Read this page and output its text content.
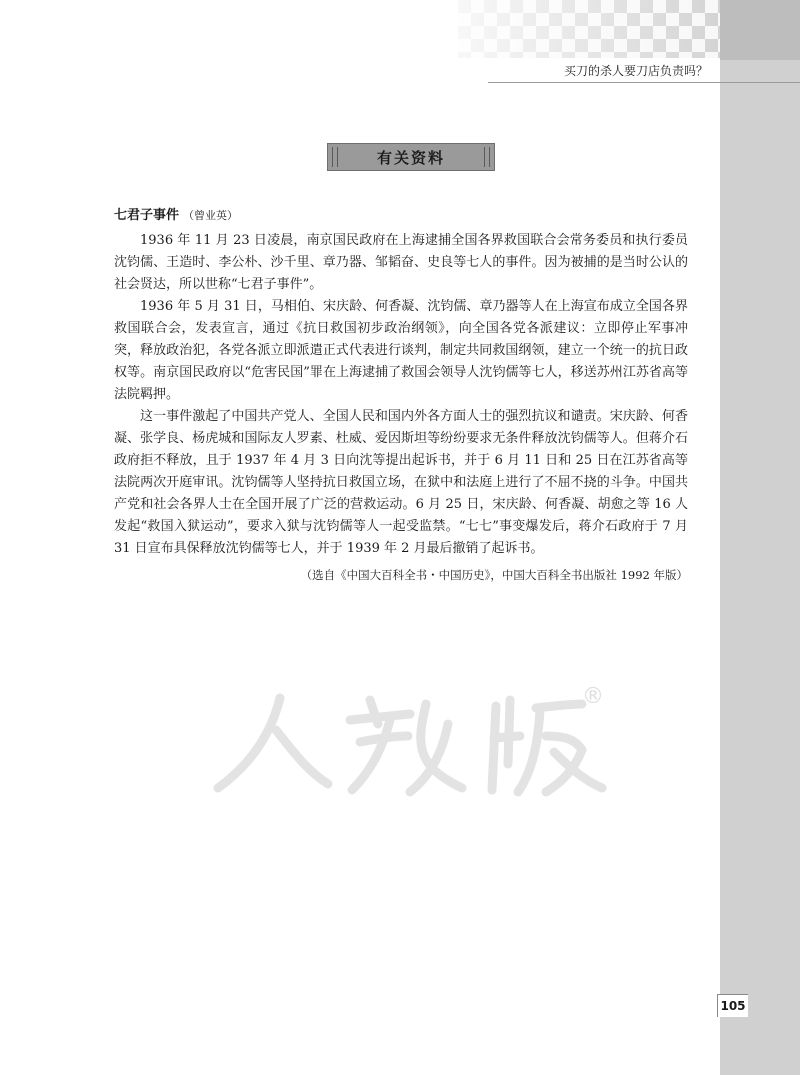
买刀的杀人要刀店负责吗？
有关资料

七君子事件 （曾业英）

1936 年 11 月 23 日凌晨，南京国民政府在上海逮捕全国各界救国联合会常务委员和执行委员沈钧儒、王造时、李公朴、沙千里、章乃器、邹韬奋、史良等七人的事件。因为被捕的是当时公认的社会贤达，所以世称“七君子事件”。

1936 年 5 月 31 日，马相伯、宋庆龄、何香凝、沈钧儒、章乃器等人在上海宣布成立全国各界救国联合会，发表宣言，通过《抗日救国初步政治纲领》，向全国各党各派建议：立即停止军事冲突，释放政治犯，各党各派立即派遣正式代表进行谈判，制定共同救国纲领，建立一个统一的抗日政权等。南京国民政府以“危害民国”罪在上海逮捕了救国会领导人沈钧儒等七人，移送苏州江苏省高等法院羁押。

这一事件激起了中国共产党人、全国人民和国内外各方面人士的强烈抗议和谴责。宋庆龄、何香凝、张学良、杨虎城和国际友人罗素、杜威、爱因斯坦等纷纷要求无条件释放沈钧儒等人。但蒋介石政府拒不释放，且于 1937 年 4 月 3 日向沈等提出起诉书，并于 6 月 11 日和 25 日在江苏省高等法院两次开庭审讯。沈钧儒等人坚持抗日救国立场，在狱中和法庭上进行了不屈不挠的斗争。中国共产党和社会各界人士在全国开展了广泛的营救运动。6 月 25 日，宋庆龄、何香凝、胡愈之等 16 人发起“救国入狱运动”，要求入狱与沈钧儒等人一起受监禁。“七七”事变爆发后，蒋介石政府于 7 月 31 日宣布具保释放沈钧儒等七人，并于 1939 年 2 月最后撤销了起诉书。

（选自《中国大百科全书・中国历史》，中国大百科全书出版社 1992 年版）

®
105
